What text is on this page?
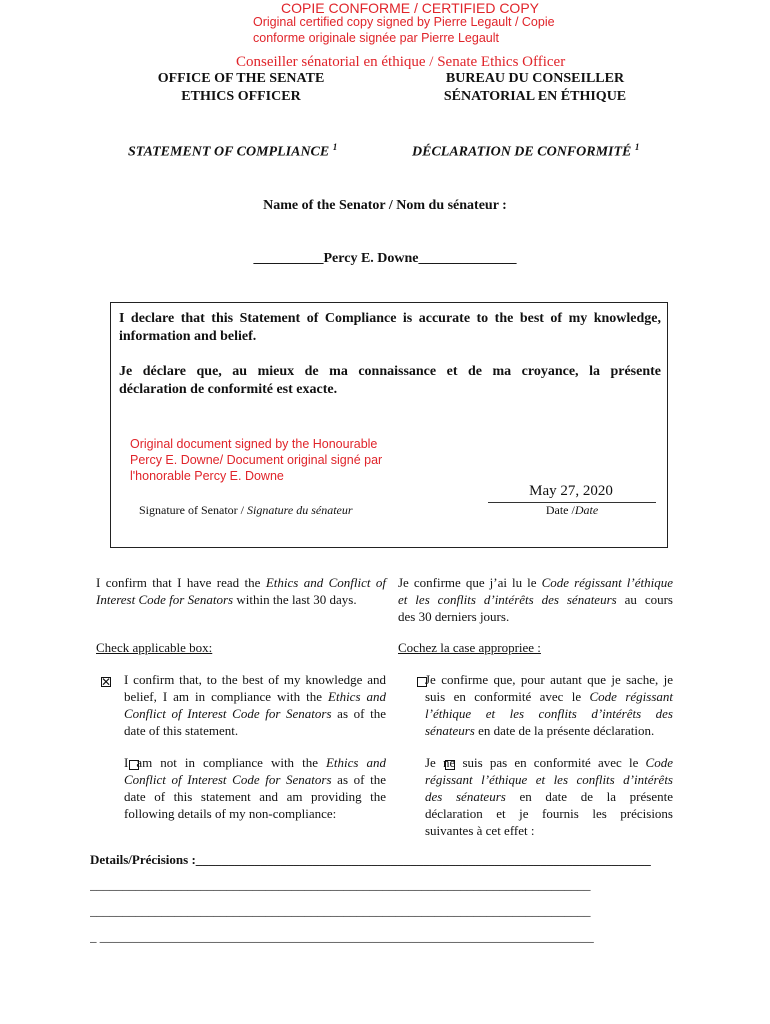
COPIE CONFORME / CERTIFIED COPY
Original certified copy signed by Pierre Legault / Copie
conforme originale signée par Pierre Legault
Conseiller sénatorial en éthique / Senate Ethics Officer
OFFICE OF THE SENATE
ETHICS OFFICER
BUREAU DU CONSEILLER
SÉNATORIAL EN ÉTHIQUE
STATEMENT OF COMPLIANCE $^1$	DÉCLARATION DE CONFORMITÉ $^1$
Name of the Senator / Nom du sénateur :
__________Percy E. Downe______________
I declare that this Statement of Compliance is accurate to the best of my knowledge,
information and belief.
Je déclare que, au mieux de ma connaissance et de ma croyance, la présente
déclaration de conformité est exacte.
Original document signed by the Honourable
Percy E. Downe/ Document original signé par
l'honorable Percy E. Downe
May 27, 2020
Signature of Senator / Signature du sénateur	Date /Date
I confirm that I have read the Ethics and Conflict of
Interest Code for Senators within the last 30 days.
Je confirme que j’ai lu le Code régissant l’éthique
et les conflits d’intérêts des sénateurs au cours
des 30 derniers jours.
Check applicable box:	Cochez la case appropriee :
✕
I confirm that, to the best of my knowledge and
belief, I am in compliance with the Ethics and
Conflict of Interest Code for Senators as of the
date of this statement.

Je confirme que, pour autant que je sache, je
suis en conformité avec le Code régissant
l’éthique et les conflits d’intérêts des
sénateurs en date de la présente déclaration.

I am not in compliance with the Ethics and
Conflict of Interest Code for Senators as of the
date of this statement and am providing the
following details of my non-compliance:
Je ne suis pas en conformité avec le Code
régissant l’éthique et les conflits d’intérêts
des sénateurs en date de la présente
déclaration et je fournis les précisions
suivantes à cet effet :
Details/Précisions :______________________________________________________________________
_____________________________________________________________________________
_____________________________________________________________________________
_ ____________________________________________________________________________
